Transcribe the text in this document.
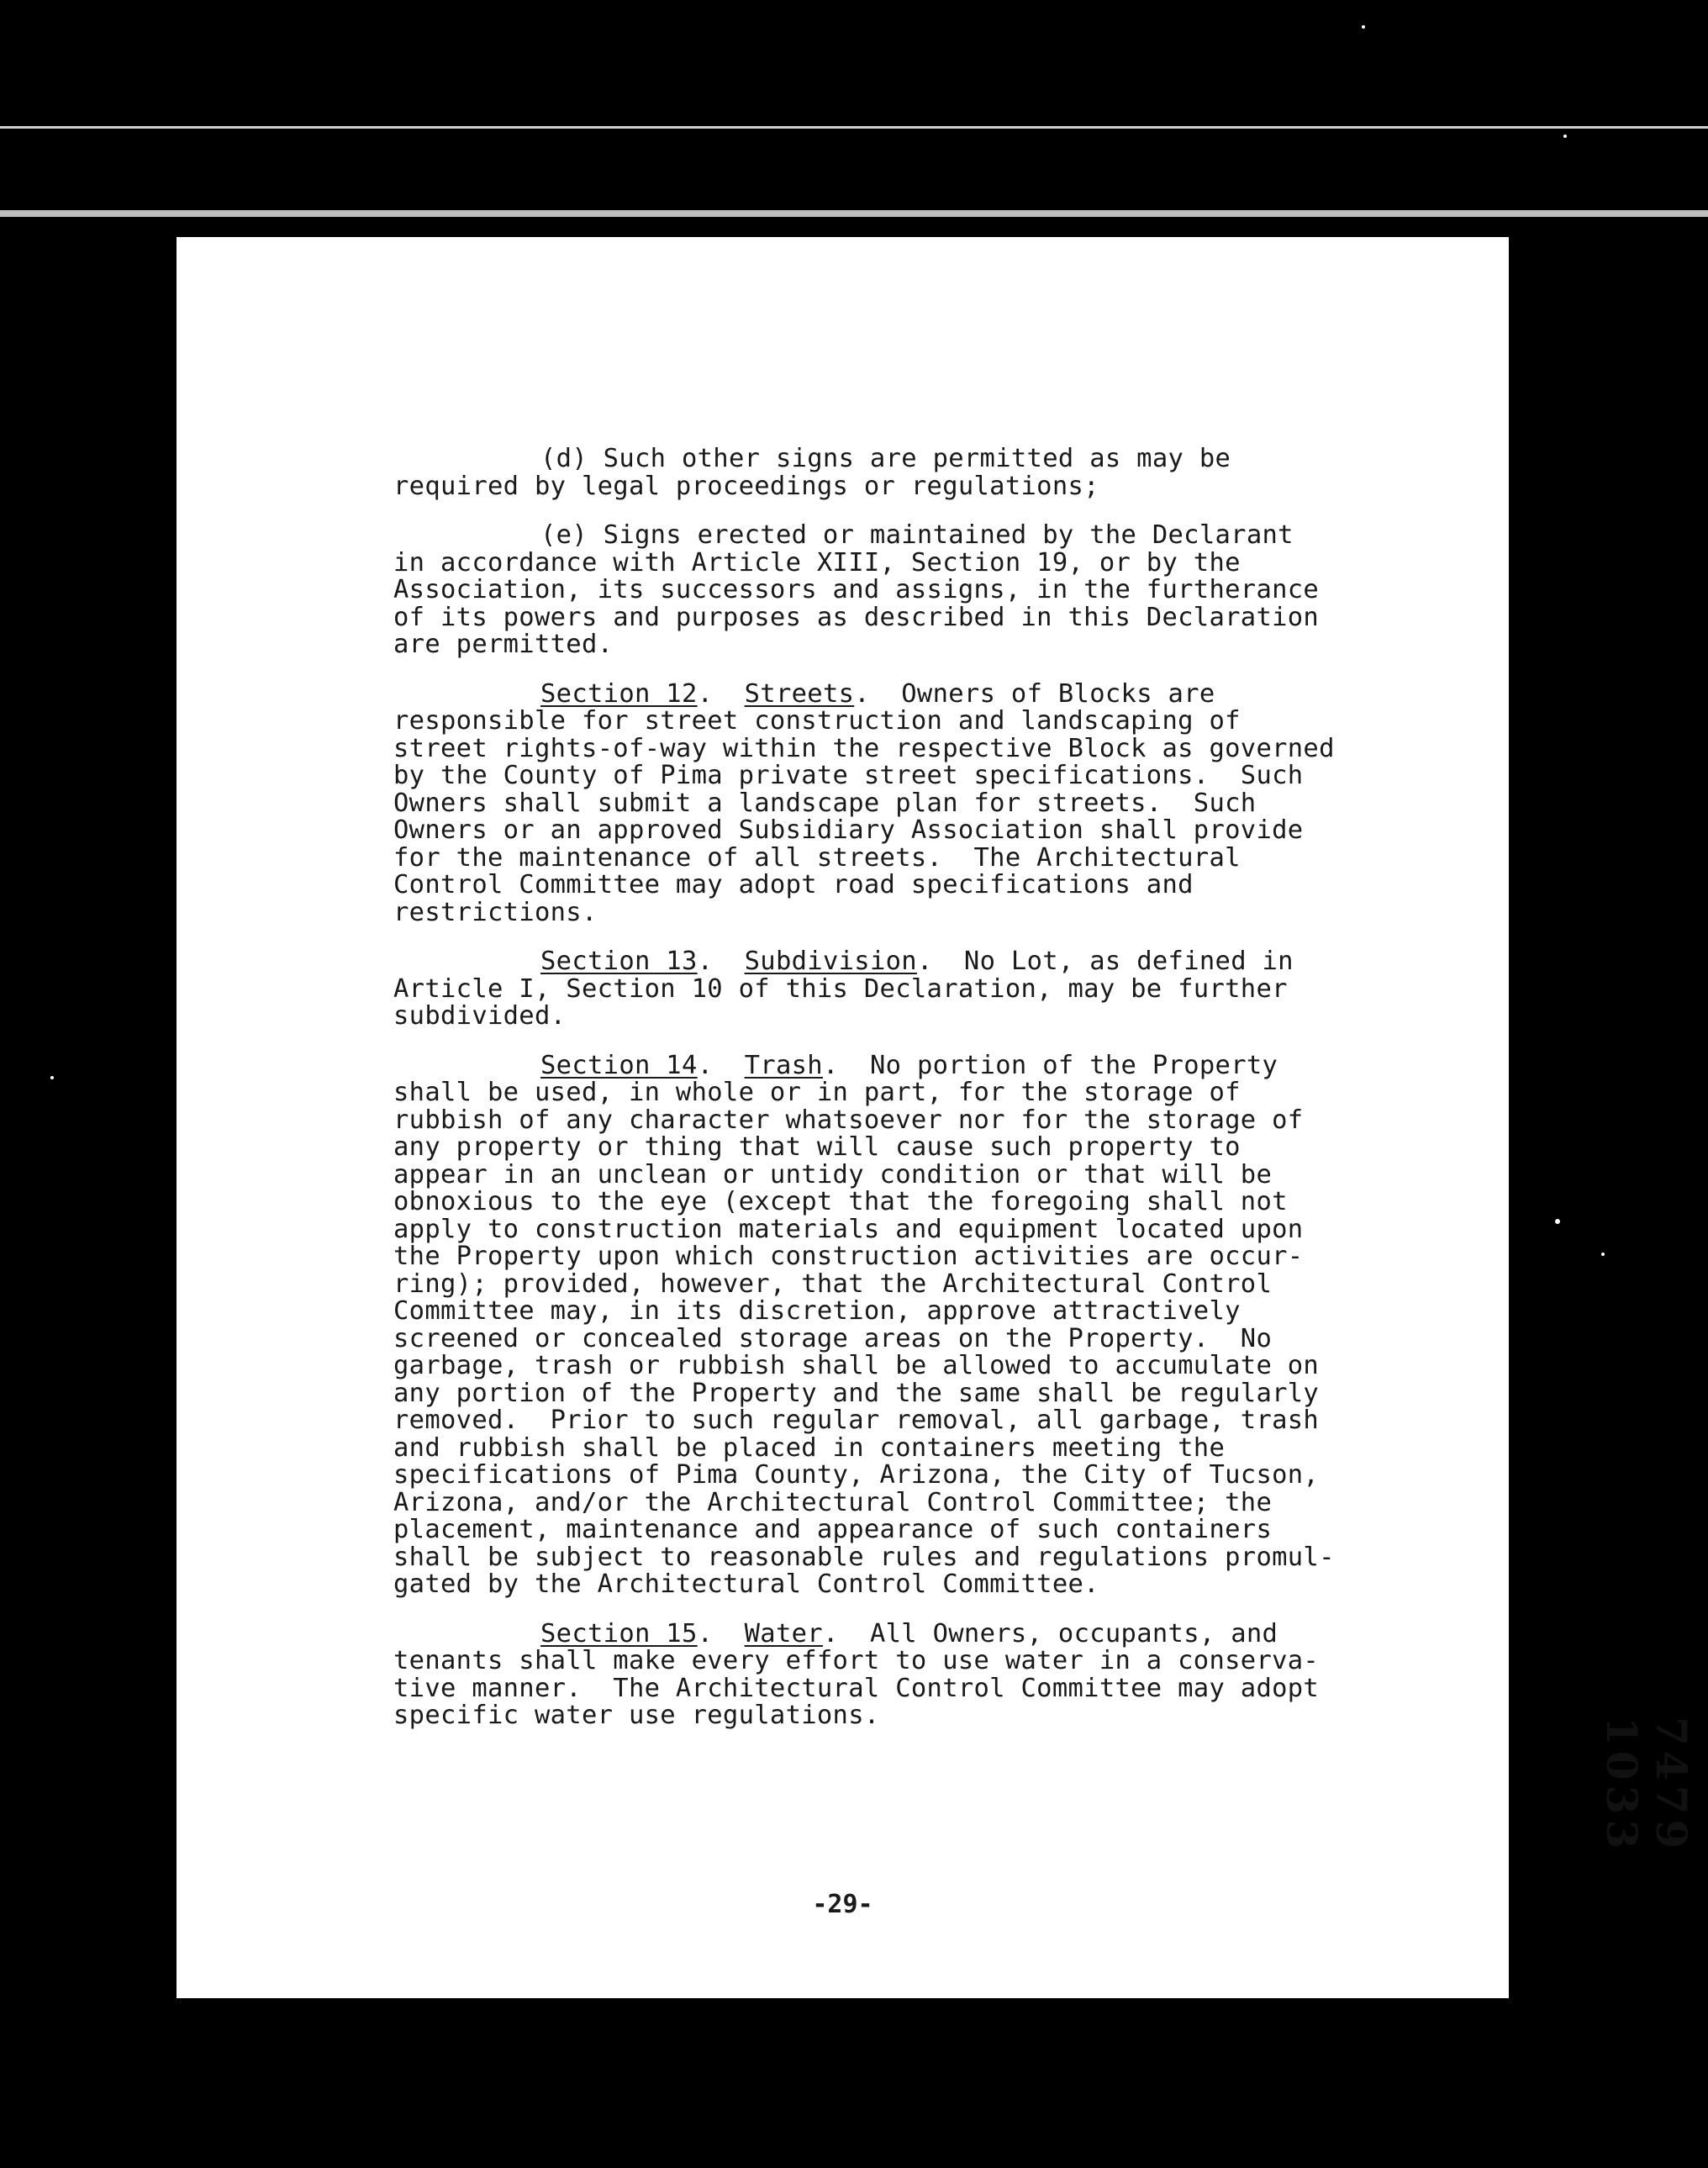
(d) Such other signs are permitted as may be
required by legal proceedings or regulations;
(e) Signs erected or maintained by the Declarant
in accordance with Article XIII, Section 19, or by the
Association, its successors and assigns, in the furtherance
of its powers and purposes as described in this Declaration
are permitted.
Section 12.  Streets.  Owners of Blocks are
responsible for street construction and landscaping of
street rights-of-way within the respective Block as governed
by the County of Pima private street specifications.  Such
Owners shall submit a landscape plan for streets.  Such
Owners or an approved Subsidiary Association shall provide
for the maintenance of all streets.  The Architectural
Control Committee may adopt road specifications and
restrictions.
Section 13.  Subdivision.  No Lot, as defined in
Article I, Section 10 of this Declaration, may be further
subdivided.
Section 14.  Trash.  No portion of the Property
shall be used, in whole or in part, for the storage of
rubbish of any character whatsoever nor for the storage of
any property or thing that will cause such property to
appear in an unclean or untidy condition or that will be
obnoxious to the eye (except that the foregoing shall not
apply to construction materials and equipment located upon
the Property upon which construction activities are occur-
ring); provided, however, that the Architectural Control
Committee may, in its discretion, approve attractively
screened or concealed storage areas on the Property.  No
garbage, trash or rubbish shall be allowed to accumulate on
any portion of the Property and the same shall be regularly
removed.  Prior to such regular removal, all garbage, trash
and rubbish shall be placed in containers meeting the
specifications of Pima County, Arizona, the City of Tucson,
Arizona, and/or the Architectural Control Committee; the
placement, maintenance and appearance of such containers
shall be subject to reasonable rules and regulations promul-
gated by the Architectural Control Committee.
Section 15.  Water.  All Owners, occupants, and
tenants shall make every effort to use water in a conserva-
tive manner.  The Architectural Control Committee may adopt
specific water use regulations.
-29-
7479 1033
